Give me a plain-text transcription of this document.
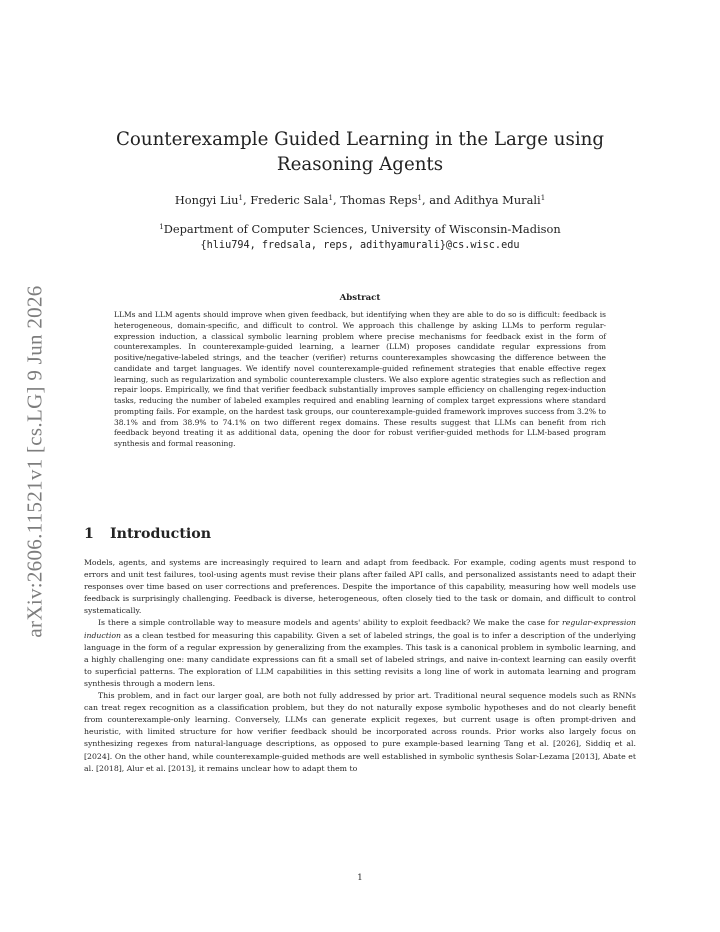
arXiv:2606.11521v1 [cs.LG] 9 Jun 2026
Counterexample Guided Learning in the Large using Reasoning Agents
Hongyi Liu$^1$, Frederic Sala$^1$, Thomas Reps$^1$, and Adithya Murali$^1$
$^1$Department of Computer Sciences, University of Wisconsin-Madison
{hliu794, fredsala, reps, adithyamurali}@cs.wisc.edu
Abstract
LLMs and LLM agents should improve when given feedback, but identifying when they are able to do so is difficult: feedback is heterogeneous, domain-specific, and difficult to control. We approach this challenge by asking LLMs to perform regular-expression induction, a classical symbolic learning problem where precise mechanisms for feedback exist in the form of counterexamples. In counterexample-guided learning, a learner (LLM) proposes candidate regular expressions from positive/negative-labeled strings, and the teacher (verifier) returns counterexamples showcasing the difference between the candidate and target languages. We identify novel counterexample-guided refinement strategies that enable effective regex learning, such as regularization and symbolic counterexample clusters. We also explore agentic strategies such as reflection and repair loops. Empirically, we find that verifier feedback substantially improves sample efficiency on challenging regex-induction tasks, reducing the number of labeled examples required and enabling learning of complex target expressions where standard prompting fails. For example, on the hardest task groups, our counterexample-guided framework improves success from 3.2% to 38.1% and from 38.9% to 74.1% on two different regex domains. These results suggest that LLMs can benefit from rich feedback beyond treating it as additional data, opening the door for robust verifier-guided methods for LLM-based program synthesis and formal reasoning.
1 Introduction

Models, agents, and systems are increasingly required to learn and adapt from feedback. For example, coding agents must respond to errors and unit test failures, tool-using agents must revise their plans after failed API calls, and personalized assistants need to adapt their responses over time based on user corrections and preferences. Despite the importance of this capability, measuring how well models use feedback is surprisingly challenging. Feedback is diverse, heterogeneous, often closely tied to the task or domain, and difficult to control systematically.

Is there a simple controllable way to measure models and agents' ability to exploit feedback? We make the case for regular-expression induction as a clean testbed for measuring this capability. Given a set of labeled strings, the goal is to infer a description of the underlying language in the form of a regular expression by generalizing from the examples. This task is a canonical problem in symbolic learning, and a highly challenging one: many candidate expressions can fit a small set of labeled strings, and naive in-context learning can easily overfit to superficial patterns. The exploration of LLM capabilities in this setting revisits a long line of work in automata learning and program synthesis through a modern lens.

This problem, and in fact our larger goal, are both not fully addressed by prior art. Traditional neural sequence models such as RNNs can treat regex recognition as a classification problem, but they do not naturally expose symbolic hypotheses and do not clearly benefit from counterexample-only learning. Conversely, LLMs can generate explicit regexes, but current usage is often prompt-driven and heuristic, with limited structure for how verifier feedback should be incorporated across rounds. Prior works also largely focus on synthesizing regexes from natural-language descriptions, as opposed to pure example-based learning Tang et al. [2026], Siddiq et al. [2024]. On the other hand, while counterexample-guided methods are well established in symbolic synthesis Solar-Lezama [2013], Abate et al. [2018], Alur et al. [2013], it remains unclear how to adapt them to

1
